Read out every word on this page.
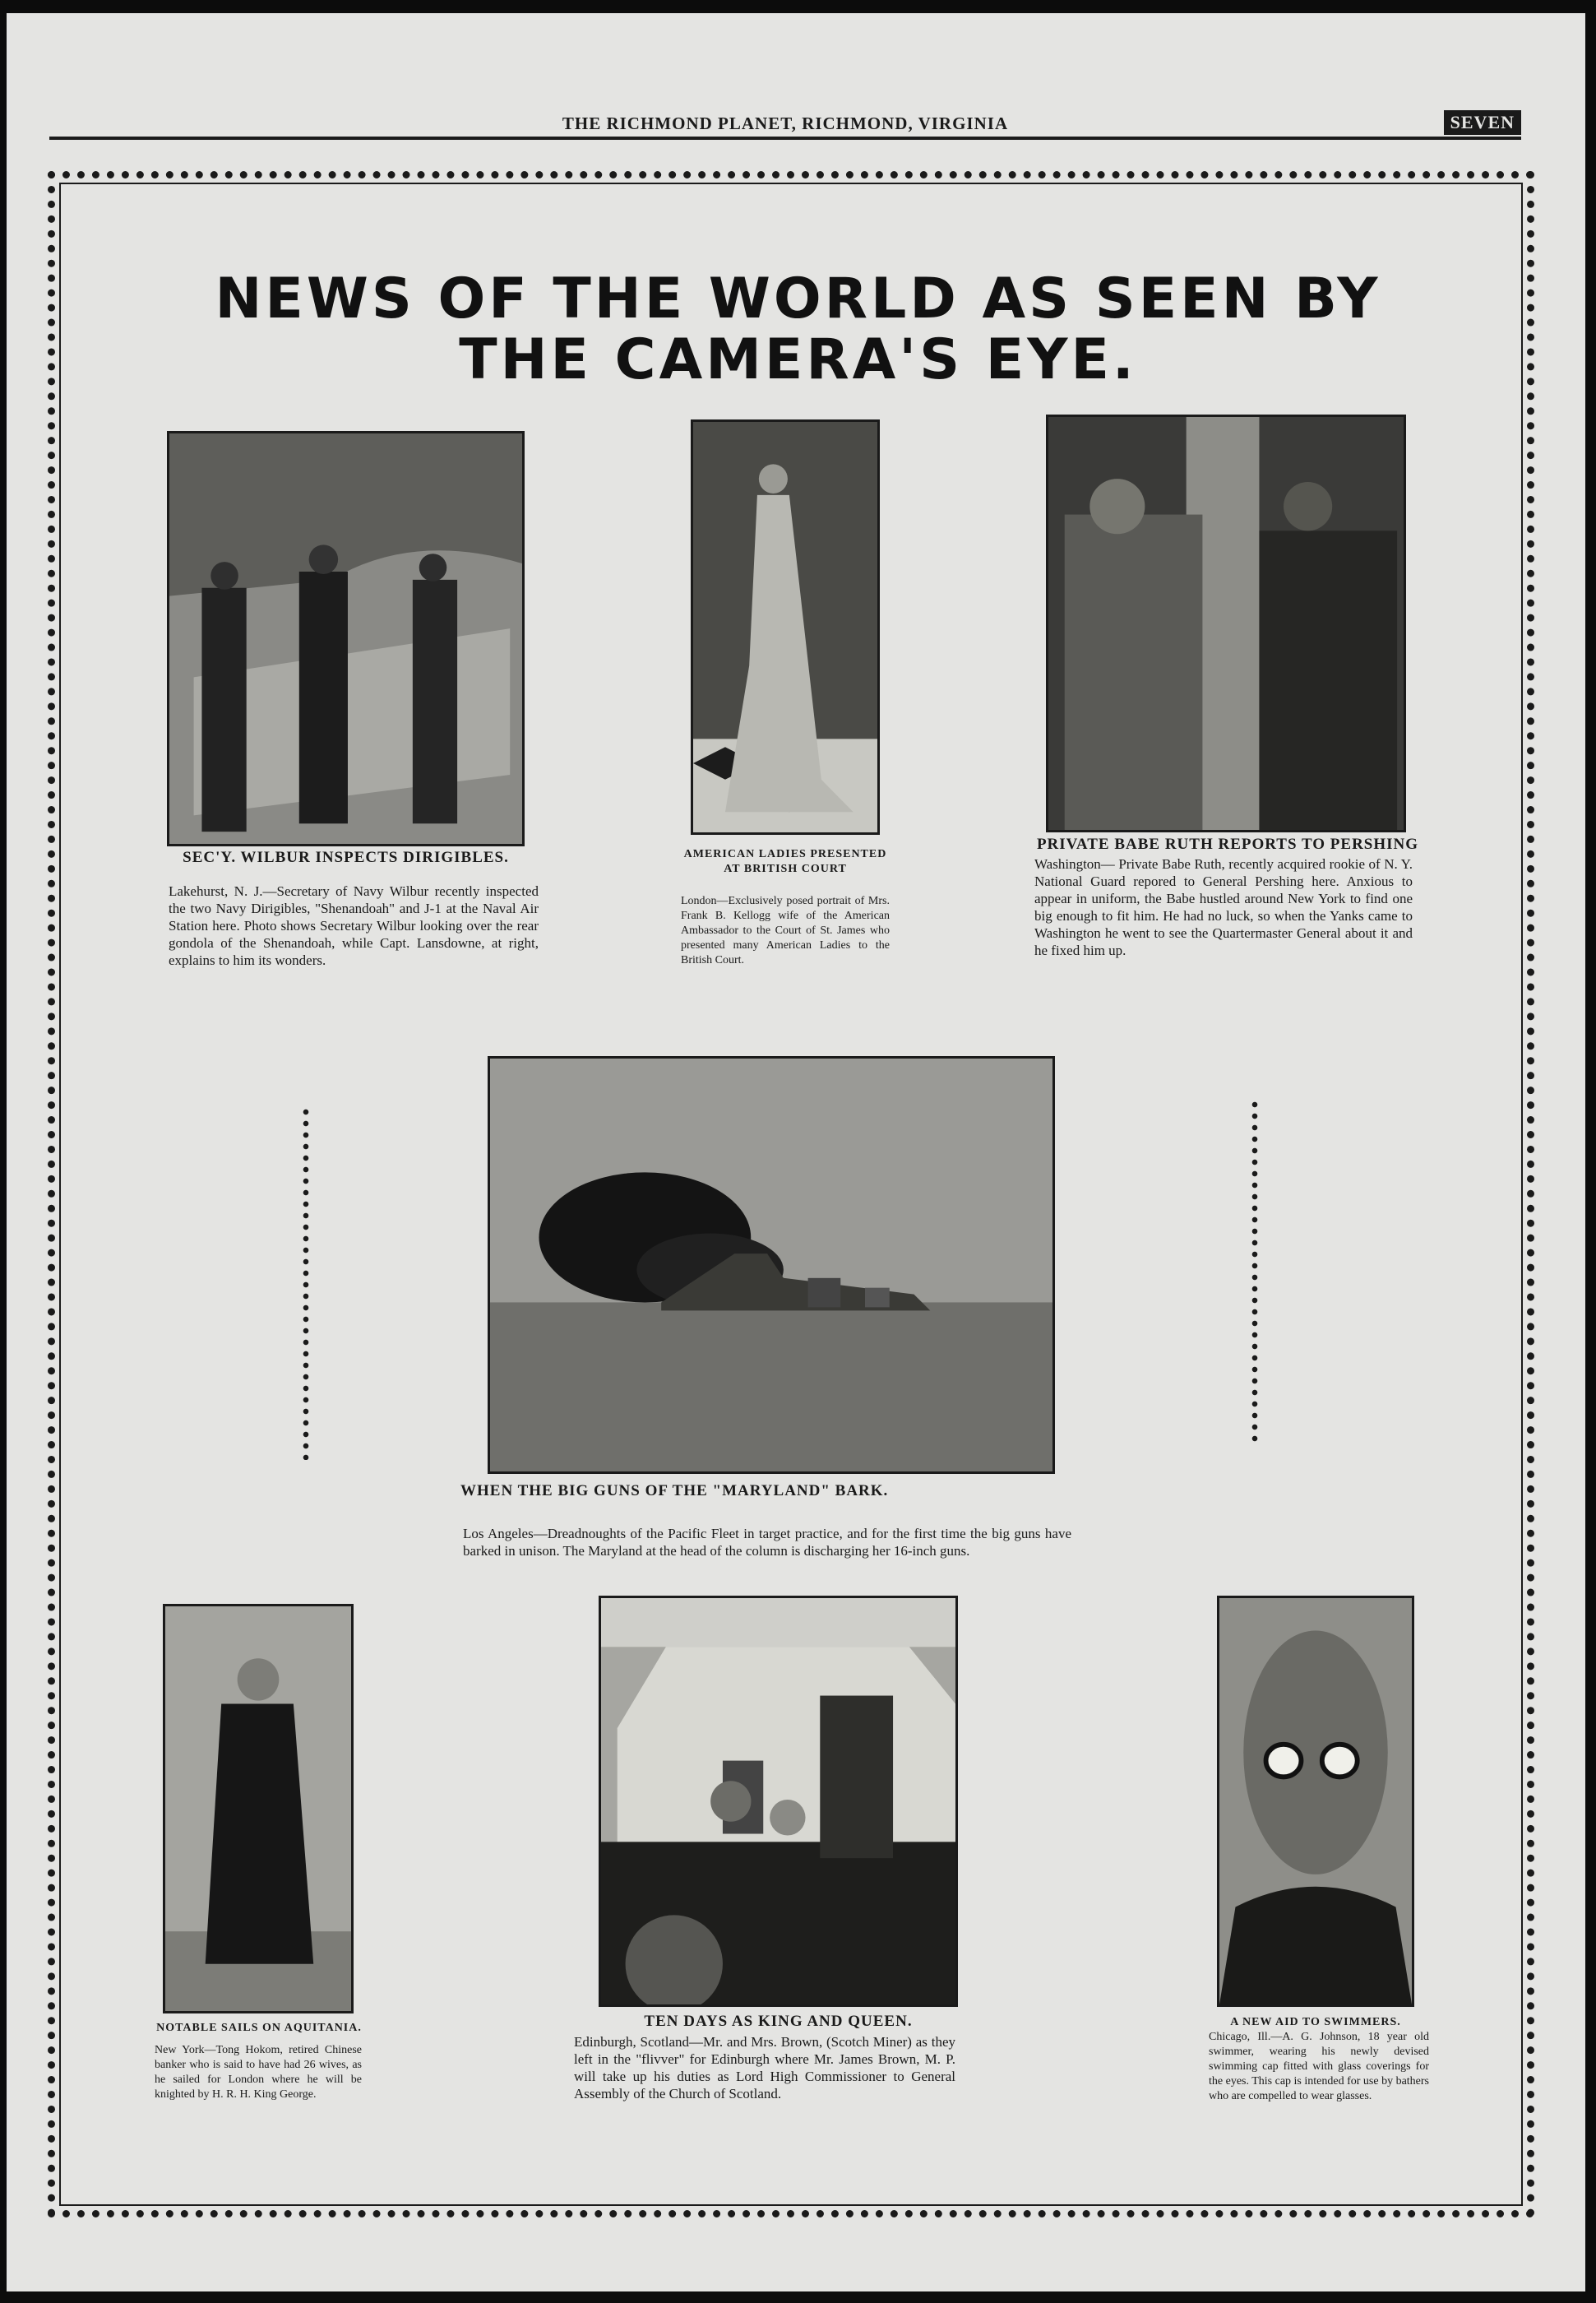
THE RICHMOND PLANET, RICHMOND, VIRGINIA	SEVEN
NEWS OF THE WORLD AS SEEN BY
THE CAMERA'S EYE.
SEC'Y. WILBUR INSPECTS DIRIGIBLES.
Lakehurst, N. J.—Secretary of Navy Wilbur recently inspected the two Navy Dirigibles, "Shenandoah" and J-1 at the Naval Air Station here. Photo shows Secretary Wilbur looking over the rear gondola of the Shenandoah, while Capt. Lansdowne, at right, explains to him its wonders.
AMERICAN LADIES PRESENTED AT BRITISH COURT
London—Exclusively posed portrait of Mrs. Frank B. Kellogg wife of the American Ambassador to the Court of St. James who presented many American Ladies to the British Court.
PRIVATE BABE RUTH REPORTS TO PERSHING
Washington— Private Babe Ruth, recently acquired rookie of N. Y. National Guard repored to General Pershing here. Anxious to appear in uniform, the Babe hustled around New York to find one big enough to fit him. He had no luck, so when the Yanks came to Washington he went to see the Quartermaster General about it and he fixed him up.
WHEN THE BIG GUNS OF THE "MARYLAND" BARK.
Los Angeles—Dreadnoughts of the Pacific Fleet in target practice, and for the first time the big guns have barked in unison. The Maryland at the head of the column is discharging her 16-inch guns.
NOTABLE SAILS ON AQUITANIA.
New York—Tong Hokom, retired Chinese banker who is said to have had 26 wives, as he sailed for London where he will be knighted by H. R. H. King George.
TEN DAYS AS KING AND QUEEN.
Edinburgh, Scotland—Mr. and Mrs. Brown, (Scotch Miner) as they left in the "flivver" for Edinburgh where Mr. James Brown, M. P. will take up his duties as Lord High Commissioner to General Assembly of the Church of Scotland.
A NEW AID TO SWIMMERS.
Chicago, Ill.—A. G. Johnson, 18 year old swimmer, wearing his newly devised swimming cap fitted with glass coverings for the eyes. This cap is intended for use by bathers who are compelled to wear glasses.
